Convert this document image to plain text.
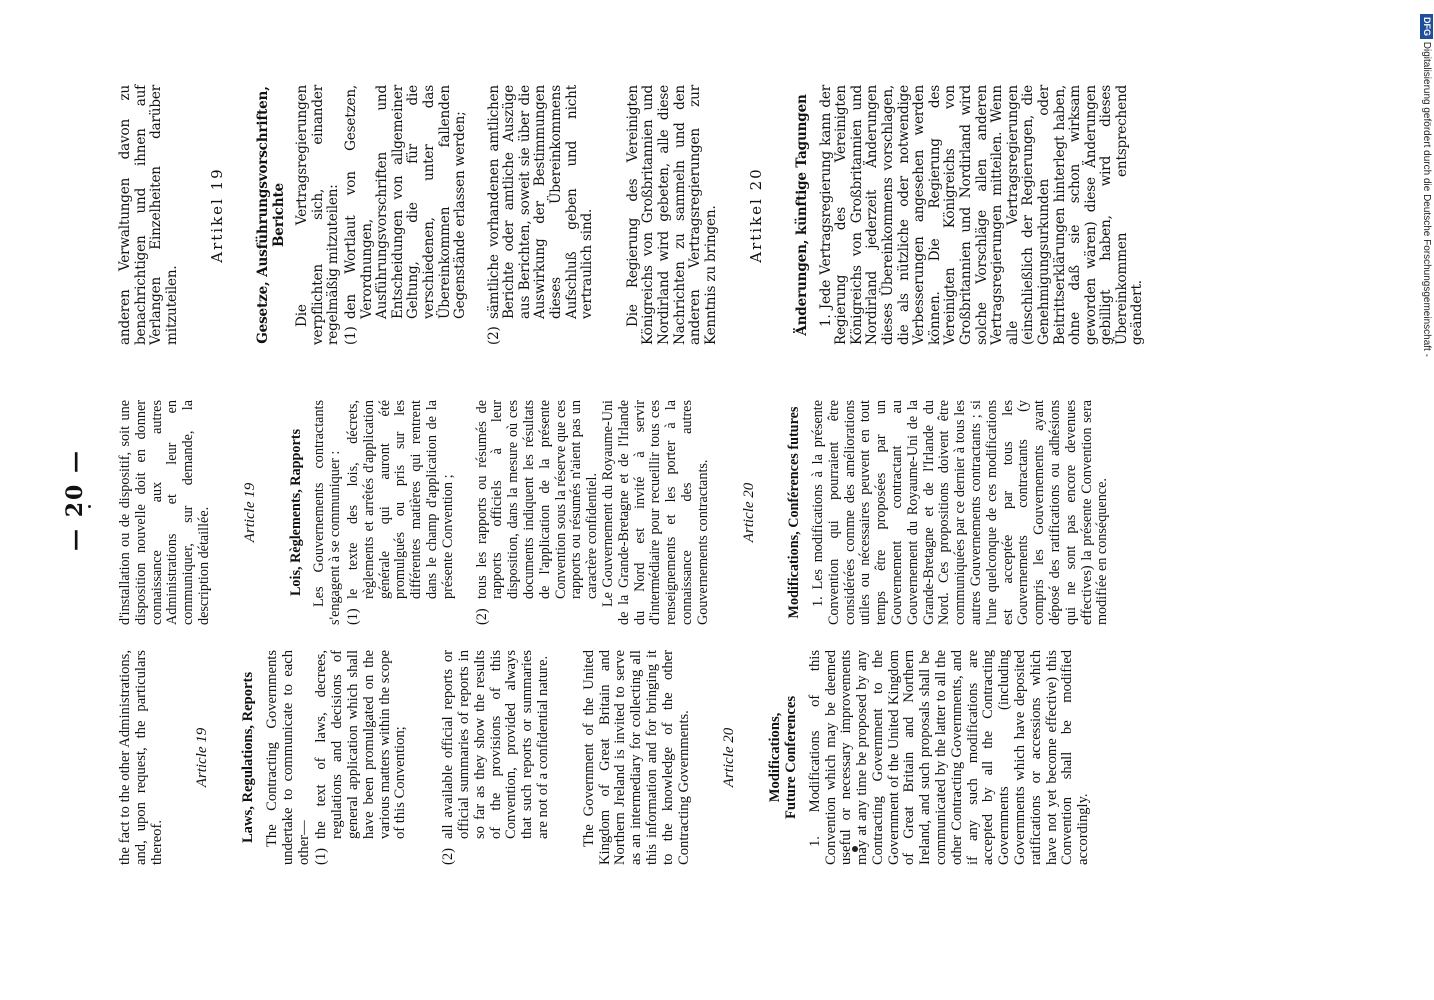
— 20 —

the fact to the other Administrations, and, upon request, the particulars thereof.

Article 19 Laws, Regulations, Reports The Contracting Governments undertake to communicate to each other— (1)
the text of laws, decrees, regulations and decisions of general application which shall have been promulgated on the various matters within the scope of this Convention;
(2)
all available official reports or official summaries of reports in so far as they show the results of the provisions of this Convention, provided always that such reports or summaries are not of a confidential nature. The Government of the United Kingdom of Great Britain and Northern Jreland is invited to serve as an intermediary for collecting all this information and for bringing it to the knowledge of the other Contracting Governments. Article 20 Modifications, Future Conferences 1. Modifications of this Convention which may be deemed useful or necessary improvements may at any time be proposed by any Contracting Government to the Government of the United Kingdom of Great Britain and Northern Ireland, and such proposals shall be communicated by the latter to all the other Contracting Governments, and if any such modifications are accepted by all the Contracting Governments (including Governments which have deposited ratifications or accessions which have not yet become effective) this Convention shall be modified accordingly.

d'installation ou de dispositif, soit une disposition nouvelle doit en donner connaissance aux autres Administrations et leur en communiquer, sur demande, la description détaillée. Article 19 Lois, Règlements, Rapports Les Gouvernements contractants s'engagent à se communiquer : (1)
le texte des lois, décrets, règlements et arrêtés d'application générale qui auront été promulgués ou pris sur les différentes matières qui rentrent dans le champ d'application de la présente Convention ;
(2)
tous les rapports ou résumés de rapports officiels à leur disposition, dans la mesure où ces documents indiquent les résultats de l'application de la présente Convention sous la réserve que ces rapports ou résumés n'aient pas un caractère confidentiel. Le Gouvernement du Royaume-Uni de la Grande-Bretagne et de l'Irlande du Nord est invité à servir d'intermédiaire pour recueillir tous ces renseignements et les porter à la connaissance des autres Gouvernements contractants. Article 20 Modifications, Conférences futures 1. Les modifications à la présente Convention qui pourraient être considérées comme des améliorations utiles ou nécessaires peuvent en tout temps être proposées par un Gouvernement contractant au Gouvernement du Royaume-Uni de la Grande-Bretagne et de l'Irlande du Nord. Ces propositions doivent être communiquées par ce dernier à tous les autres Gouvernements contractants ; si l'une quelconque de ces modifications est acceptée par tous les Gouvernements contractants (y compris les Gouvernements ayant déposé des ratifications ou adhésions qui ne sont pas encore devenues effectives) la présente Convention sera modifiée en conséquence.

anderen Verwaltungen davon zu benachrichtigen und ihnen auf Verlangen Einzelheiten darüber mitzuteilen.

Artikel 19 Gesetze, Ausführungsvorschriften, Berichte Die Vertragsregierungen verpflichten sich, einander regelmäßig mitzuteilen: (1)
den Wortlaut von Gesetzen, Verordnungen, Ausführungsvorschriften und Entscheidungen von allgemeiner Geltung, die für die verschiedenen, unter das Übereinkommen fallenden Gegenstände erlassen werden;
(2)
sämtliche vorhandenen amtlichen Berichte oder amtliche Auszüge aus Berichten, soweit sie über die Auswirkung der Bestimmungen dieses Übereinkommens Aufschluß geben und nicht vertraulich sind. Die Regierung des Vereinigten Königreichs von Großbritannien und Nordirland wird gebeten, alle diese Nachrichten zu sammeln und den anderen Vertragsregierungen zur Kenntnis zu bringen. Artikel 20 Änderungen, künftige Tagungen 1. Jede Vertragsregierung kann der Regierung des Vereinigten Königreichs von Großbritannien und Nordirland jederzeit Änderungen dieses Übereinkommens vorschlagen, die als nützliche oder notwendige Verbesserungen angesehen werden können. Die Regierung des Vereinigten Königreichs von Großbritannien und Nordirland wird solche Vorschläge allen anderen Vertragsregierungen mitteilen. Wenn alle Vertragsregierungen (einschließlich der Regierungen, die Genehmigungsurkunden oder Beitrittserklärungen hinterlegt haben, ohne daß sie schon wirksam geworden wären) diese Änderungen gebilligt haben, wird dieses Übereinkommen entsprechend geändert.

DFG Digitalisierung gefördert durch die Deutsche Forschungsgemeinschaft -
